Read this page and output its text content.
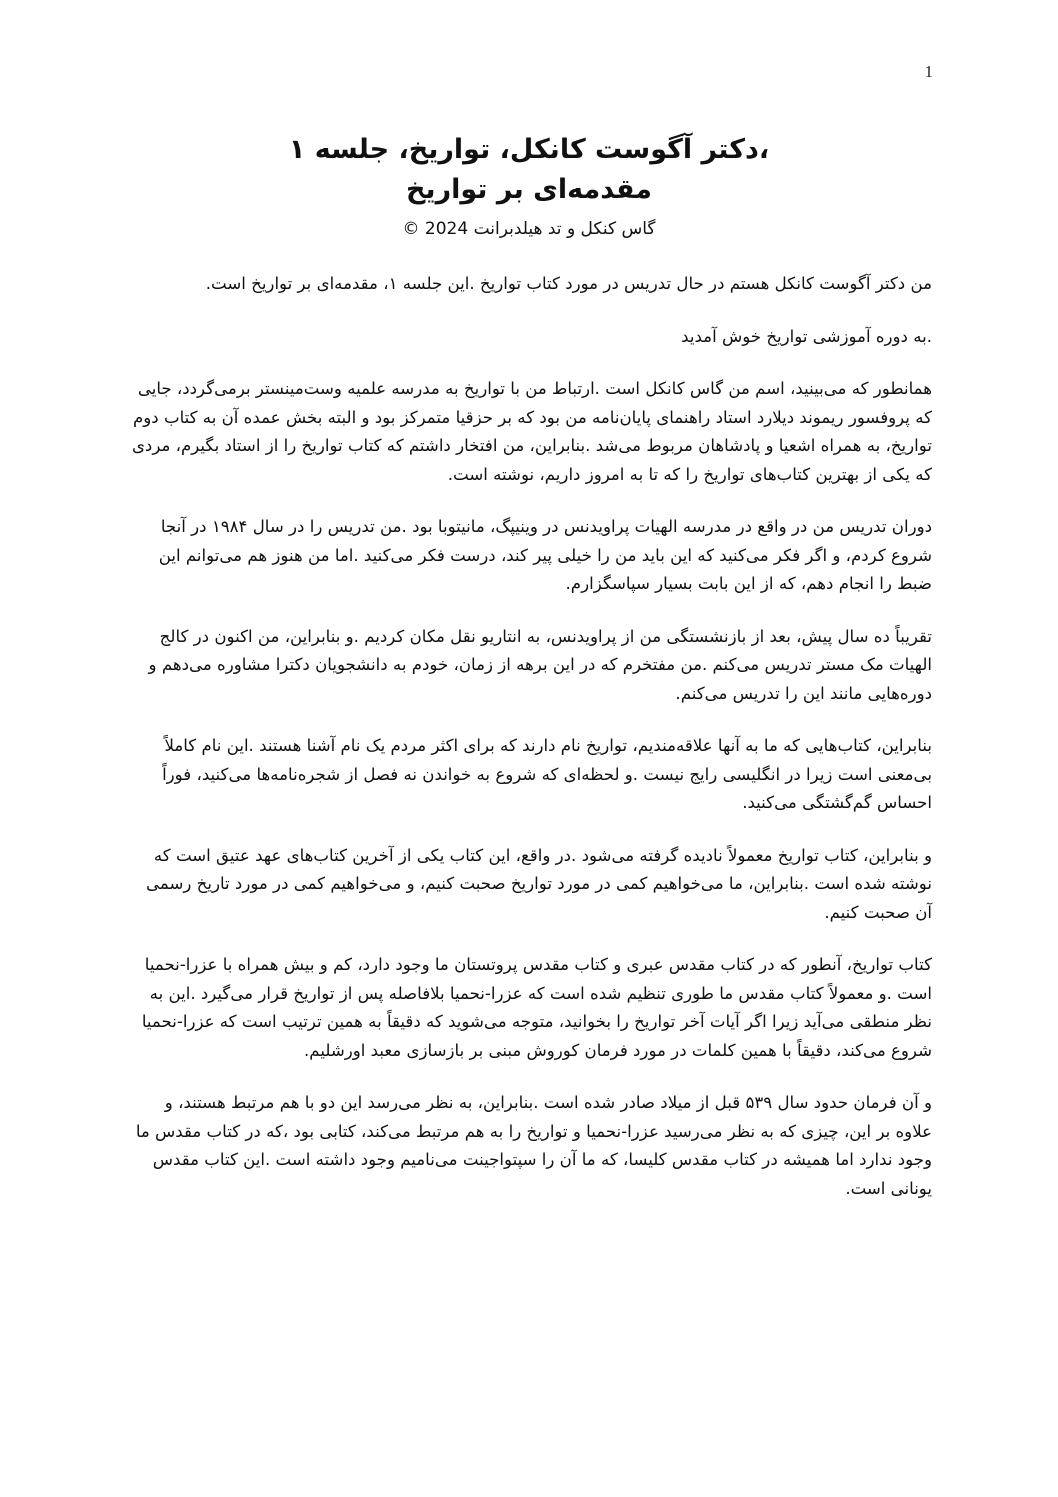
1

،دکتر آگوست کانکل، تواریخ، جلسه ۱

مقدمه‌ای بر تواریخ

گاس کنکل و تد هیلدبرانت 2024 ©

من دکتر آگوست کانکل هستم در حال تدریس در مورد کتاب تواریخ .این جلسه ۱، مقدمه‌ای بر تواریخ است.

.به دوره آموزشی تواریخ خوش آمدید

همانطور که می‌بینید، اسم من گاس کانکل است .ارتباط من با تواریخ به مدرسه علمیه وست‌مینستر برمی‌گردد، جایی که پروفسور ریموند دیلارد استاد راهنمای پایان‌نامه من بود که بر حزقیا متمرکز بود و البته بخش عمده آن به کتاب دوم تواریخ، به همراه اشعیا و پادشاهان مربوط می‌شد .بنابراین، من افتخار داشتم که کتاب تواریخ را از استاد بگیرم، مردی که یکی از بهترین کتاب‌های تواریخ را که تا به امروز داریم، نوشته است.

دوران تدریس من در واقع در مدرسه الهیات پراویدنس در وینیپگ، مانیتوبا بود .من تدریس را در سال ۱۹۸۴ در آنجا شروع کردم، و اگر فکر می‌کنید که این باید من را خیلی پیر کند، درست فکر می‌کنید .اما من هنوز هم می‌توانم این ضبط را انجام دهم، که از این بابت بسیار سپاسگزارم.

تقریباً ده سال پیش، بعد از بازنشستگی من از پراویدنس، به انتاریو نقل مکان کردیم .و بنابراین، من اکنون در کالج الهیات مک مستر تدریس می‌کنم .من مفتخرم که در این برهه از زمان، خودم به دانشجویان دکترا مشاوره می‌دهم و دوره‌هایی مانند این را تدریس می‌کنم.

بنابراین، کتاب‌هایی که ما به آنها علاقه‌مندیم، تواریخ نام دارند که برای اکثر مردم یک نام آشنا هستند .این نام کاملاً بی‌معنی است زیرا در انگلیسی رایج نیست .و لحظه‌ای که شروع به خواندن نه فصل از شجره‌نامه‌ها می‌کنید، فوراً احساس گم‌گشتگی می‌کنید.

و بنابراین، کتاب تواریخ معمولاً نادیده گرفته می‌شود .در واقع، این کتاب یکی از آخرین کتاب‌های عهد عتیق است که نوشته شده است .بنابراین، ما می‌خواهیم کمی در مورد تواریخ صحبت کنیم، و می‌خواهیم کمی در مورد تاریخ رسمی آن صحبت کنیم.

کتاب تواریخ، آنطور که در کتاب مقدس عبری و کتاب مقدس پروتستان ما وجود دارد، کم و بیش همراه با عزرا-نحمیا است .و معمولاً کتاب مقدس ما طوری تنظیم شده است که عزرا-نحمیا بلافاصله پس از تواریخ قرار می‌گیرد .این به نظر منطقی می‌آید زیرا اگر آیات آخر تواریخ را بخوانید، متوجه می‌شوید که دقیقاً به همین ترتیب است که عزرا-نحمیا شروع می‌کند، دقیقاً با همین کلمات در مورد فرمان کوروش مبنی بر بازسازی معبد اورشلیم.

و آن فرمان حدود سال ۵۳۹ قبل از میلاد صادر شده است .بنابراین، به نظر می‌رسد این دو با هم مرتبط هستند، و علاوه بر این، چیزی که به نظر می‌رسید عزرا-نحمیا و تواریخ را به هم مرتبط می‌کند، کتابی بود ،که در کتاب مقدس ما وجود ندارد اما همیشه در کتاب مقدس کلیسا، که ما آن را سپتواجینت می‌نامیم وجود داشته است .این کتاب مقدس یونانی است.
